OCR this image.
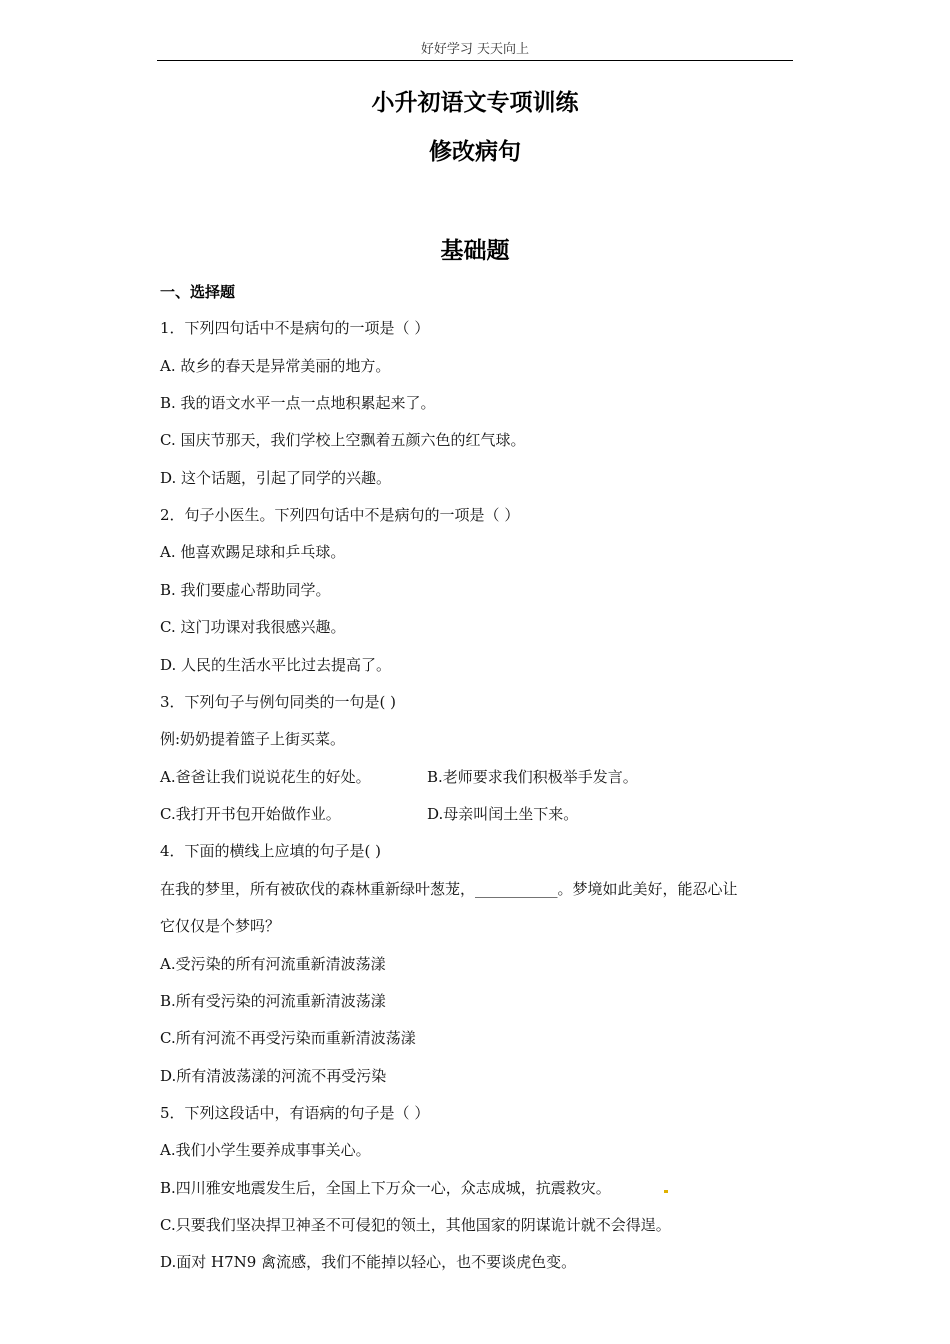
好好学习 天天向上
小升初语文专项训练
修改病句
基础题
一、选择题
1．下列四句话中不是病句的一项是（ ）
A. 故乡的春天是异常美丽的地方。
B. 我的语文水平一点一点地积累起来了。
C. 国庆节那天，我们学校上空飘着五颜六色的红气球。
D. 这个话题，引起了同学的兴趣。
2．句子小医生。下列四句话中不是病句的一项是（ ）
A. 他喜欢踢足球和乒乓球。
B. 我们要虚心帮助同学。
C. 这门功课对我很感兴趣。
D. 人民的生活水平比过去提高了。
3．下列句子与例句同类的一句是( )
例:奶奶提着篮子上街买菜。
A.爸爸让我们说说花生的好处。	B.老师要求我们积极举手发言。
C.我打开书包开始做作业。	D.母亲叫闰土坐下来。
4．下面的横线上应填的句子是( )
在我的梦里，所有被砍伐的森林重新绿叶葱茏，___________。梦境如此美好，能忍心让
它仅仅是个梦吗？
A.受污染的所有河流重新清波荡漾
B.所有受污染的河流重新清波荡漾
C.所有河流不再受污染而重新清波荡漾
D.所有清波荡漾的河流不再受污染
5．下列这段话中，有语病的句子是（ ）
A.我们小学生要养成事事关心。
B.四川雅安地震发生后，全国上下万众一心，众志成城，抗震救灾。
C.只要我们坚决捍卫神圣不可侵犯的领土，其他国家的阴谋诡计就不会得逞。
D.面对 H7N9 禽流感，我们不能掉以轻心，也不要谈虎色变。
